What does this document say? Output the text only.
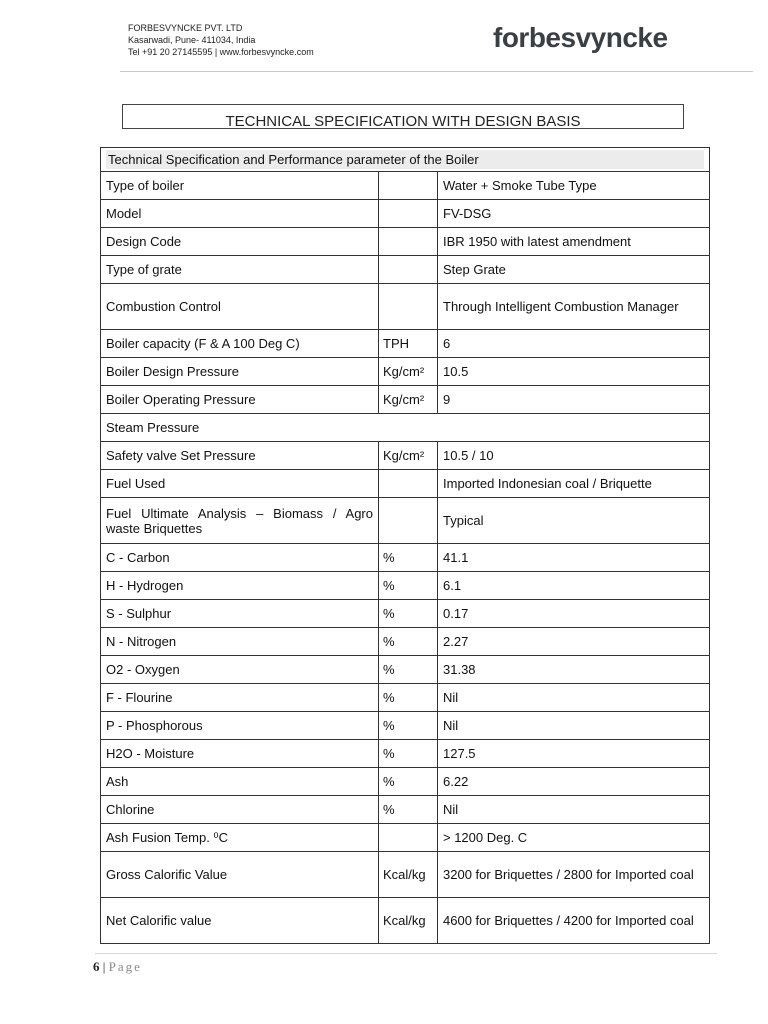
FORBESVYNCKE PVT. LTD
Kasarwadi, Pune- 411034, India
Tel +91 20 27145595 | www.forbesvyncke.com	forbesvyncke
TECHNICAL SPECIFICATION WITH DESIGN BASIS
Technical Specification and Performance parameter of the Boiler		

Type of boiler		Water + Smoke Tube Type
Model		FV-DSG
Design Code		IBR 1950 with latest amendment
Type of grate		Step Grate
Combustion Control		Through Intelligent Combustion Manager
Boiler capacity (F & A 100 Deg C)	TPH	6
Boiler Design Pressure	Kg/cm²	10.5
Boiler Operating Pressure	Kg/cm²	9
Steam Pressure		
Safety valve Set Pressure	Kg/cm²	10.5 / 10
Fuel Used		Imported Indonesian coal / Briquette
Fuel Ultimate Analysis – Biomass / Agro waste Briquettes		Typical
C - Carbon	%	41.1
H - Hydrogen	%	6.1
S - Sulphur	%	0.17
N - Nitrogen	%	2.27
O2 - Oxygen	%	31.38
F - Flourine	%	Nil
P - Phosphorous	%	Nil
H2O - Moisture	%	127.5
Ash	%	6.22
Chlorine	%	Nil
Ash Fusion Temp. ⁰C		> 1200 Deg. C
Gross Calorific Value	Kcal/kg	3200 for Briquettes / 2800 for Imported coal
Net Calorific value	Kcal/kg	4600 for Briquettes / 4200 for Imported coal
6 | Page
